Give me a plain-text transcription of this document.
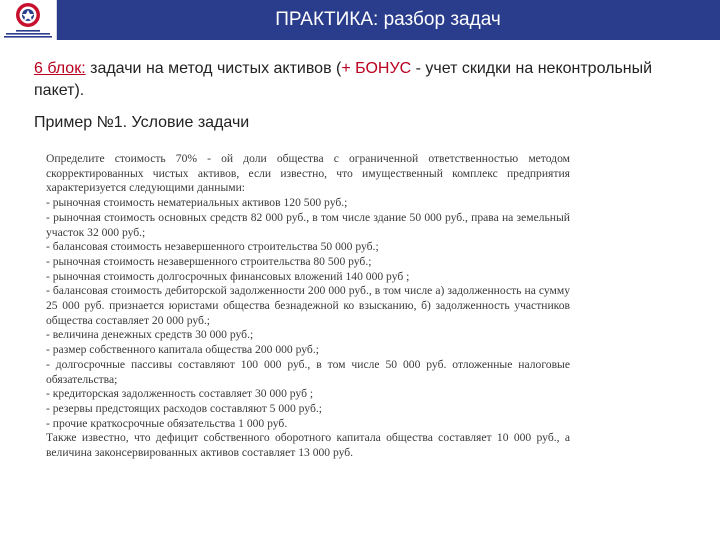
ПРАКТИКА: разбор задач
6 блок: задачи на метод чистых активов (+ БОНУС - учет скидки на неконтрольный пакет).
Пример №1. Условие задачи

Определите стоимость 70% - ой доли общества с ограниченной ответственностью методом скорректированных чистых активов, если известно, что имущественный комплекс предприятия характеризуется следующими данными:

- рыночная стоимость нематериальных активов 120 500 руб.;

- рыночная стоимость основных средств 82 000 руб., в том числе здание 50 000 руб., права на земельный участок 32 000 руб.;

- балансовая стоимость незавершенного строительства 50 000 руб.;

- рыночная стоимость незавершенного строительства 80 500 руб.;

- рыночная стоимость долгосрочных финансовых вложений 140 000 руб ;

- балансовая стоимость дебиторской задолженности 200 000 руб., в том числе а) задолженность на сумму 25 000 руб. признается юристами общества безнадежной ко взысканию, б) задолженность участников общества составляет 20 000 руб.;

- величина денежных средств 30 000 руб.;

- размер собственного капитала общества 200 000 руб.;

- долгосрочные пассивы составляют 100 000 руб., в том числе 50 000 руб. отложенные налоговые обязательства;

- кредиторская задолженность составляет 30 000 руб ;

- резервы предстоящих расходов составляют 5 000 руб.;

- прочие краткосрочные обязательства 1 000 руб.

Также известно, что дефицит собственного оборотного капитала общества составляет 10 000 руб., а величина законсервированных активов составляет 13 000 руб.
